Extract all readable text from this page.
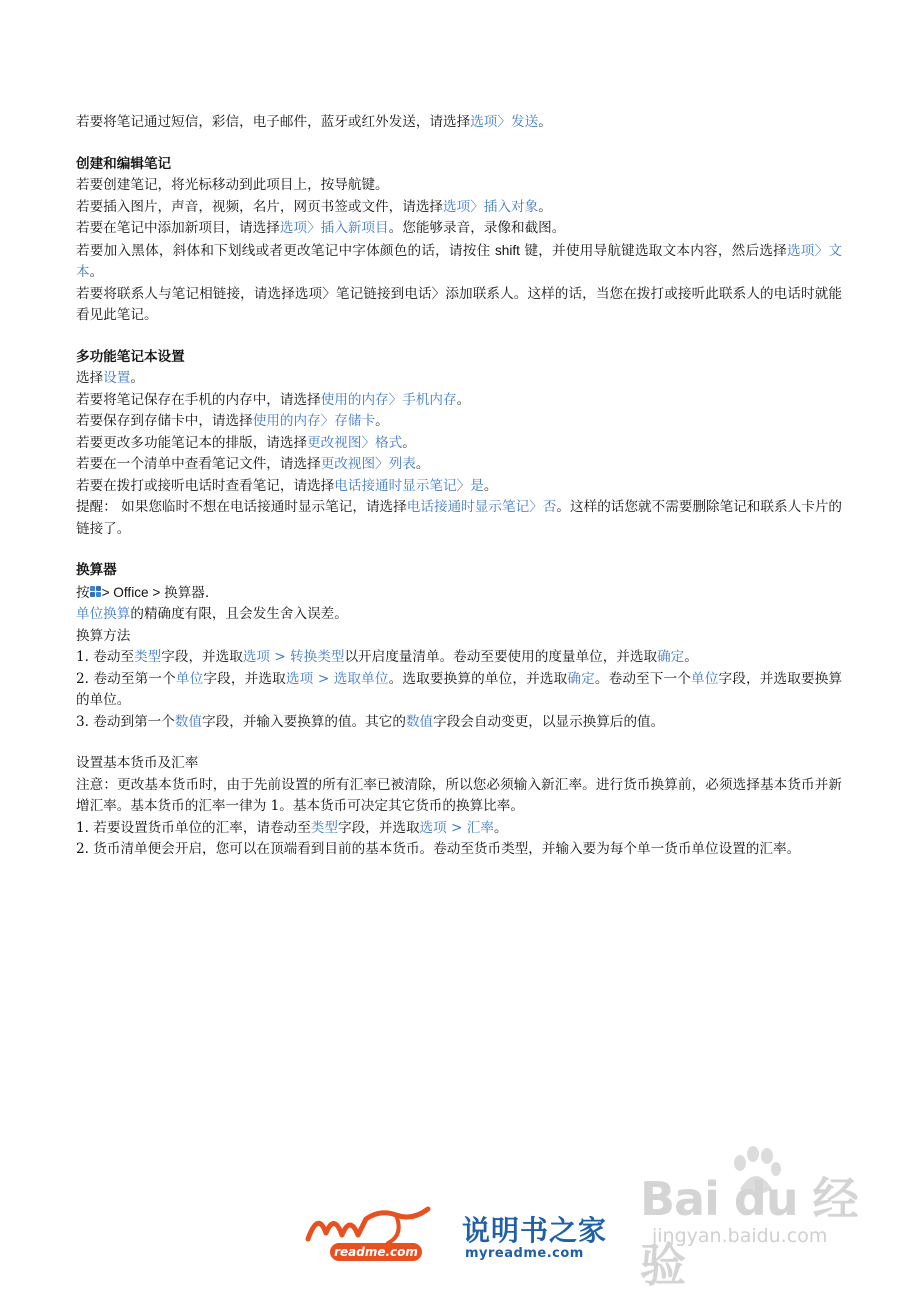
若要将笔记通过短信，彩信，电子邮件，蓝牙或红外发送，请选择选项〉发送。

创建和编辑笔记

若要创建笔记，将光标移动到此项目上，按导航键。

若要插入图片，声音，视频，名片，网页书签或文件，请选择选项〉插入对象。

若要在笔记中添加新项目，请选择选项〉插入新项目。您能够录音，录像和截图。

若要加入黑体，斜体和下划线或者更改笔记中字体颜色的话，请按住 shift 键，并使用导航键选取文本内容，然后选择选项〉文本。

若要将联系人与笔记相链接，请选择选项〉笔记链接到电话〉添加联系人。这样的话，当您在拨打或接听此联系人的电话时就能看见此笔记。

多功能笔记本设置

选择设置。

若要将笔记保存在手机的内存中，请选择使用的内存〉手机内存。

若要保存到存储卡中，请选择使用的内存〉存储卡。

若要更改多功能笔记本的排版，请选择更改视图〉格式。

若要在一个清单中查看笔记文件，请选择更改视图〉列表。

若要在拨打或接听电话时查看笔记，请选择电话接通时显示笔记〉是。

提醒： 如果您临时不想在电话接通时显示笔记，请选择电话接通时显示笔记〉否。这样的话您就不需要删除笔记和联系人卡片的链接了。

换算器

按 > Office > 换算器.

单位换算的精确度有限，且会发生舍入误差。

换算方法

1. 卷动至类型字段，并选取选项 > 转换类型以开启度量清单。卷动至要使用的度量单位，并选取确定。

2. 卷动至第一个单位字段，并选取选项 > 选取单位。选取要换算的单位，并选取确定。卷动至下一个单位字段，并选取要换算的单位。

3. 卷动到第一个数值字段，并输入要换算的值。其它的数值字段会自动变更，以显示换算后的值。

设置基本货币及汇率

注意：更改基本货币时，由于先前设置的所有汇率已被清除，所以您必须输入新汇率。进行货币换算前，必须选择基本货币并新增汇率。基本货币的汇率一律为 1。基本货币可决定其它货币的换算比率。

1. 若要设置货币单位的汇率，请卷动至类型字段，并选取选项 > 汇率。

2. 货币清单便会开启，您可以在顶端看到目前的基本货币。卷动至货币类型，并输入要为每个单一货币单位设置的汇率。

Bai du 经验
jingyan.baidu.com
readme.com
说明书之家
myreadme.com
